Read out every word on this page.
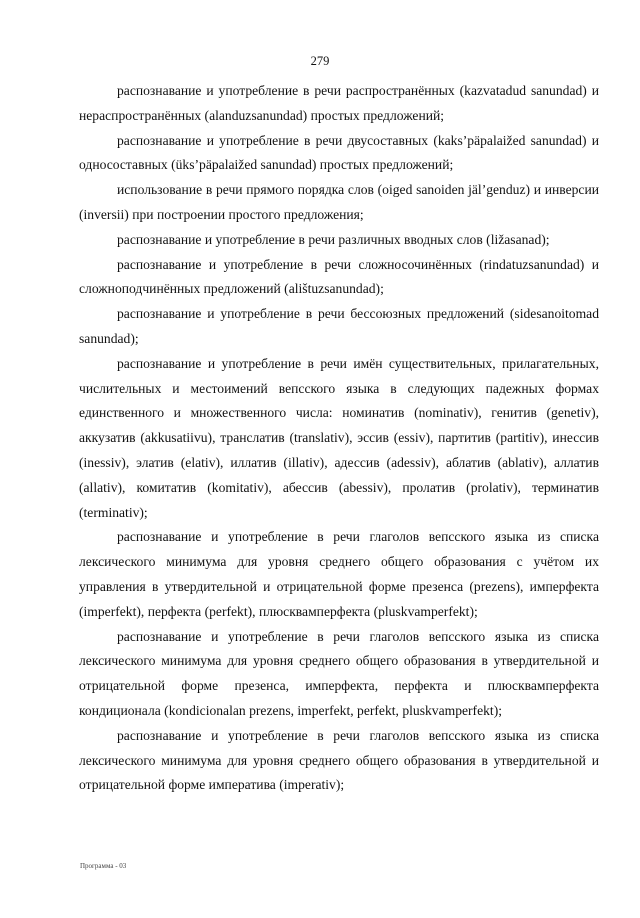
279

распознавание и употребление в речи распространённых (kazvatadud sanundad) и нераспространённых (alanduzsanundad) простых предложений;

распознавание и употребление в речи двусоставных (kaks’päpalaižed sanundad) и односоставных (üks’päpalaižed sanundad) простых предложений;

использование в речи прямого порядка слов (oiged sanoiden jäl’genduz) и инверсии (inversii) при построении простого предложения;

распознавание и употребление в речи различных вводных слов (ližasanad);

распознавание и употребление в речи сложносочинённых (rindatuzsanundad) и сложноподчинённых предложений (alištuzsanundad);

распознавание и употребление в речи бессоюзных предложений (sidesanoitomad sanundad);

распознавание и употребление в речи имён существительных, прилагательных, числительных и местоимений вепсского языка в следующих падежных формах единственного и множественного числа: номинатив (nominativ), генитив (genetiv), аккузатив (akkusatiivu), транслатив (translativ), эссив (essiv), партитив (partitiv), инессив (inessiv), элатив (elativ), иллатив (illativ), адессив (adessiv), аблатив (ablativ), аллатив (allativ), комитатив (komitativ), абессив (abessiv), пролатив (prolativ), терминатив (terminativ);

распознавание и употребление в речи глаголов вепсского языка из списка лексического минимума для уровня среднего общего образования с учётом их управления в утвердительной и отрицательной форме презенса (prezens), имперфекта (imperfekt), перфекта (perfekt), плюсквамперфекта (pluskvamperfekt);

распознавание и употребление в речи глаголов вепсского языка из списка лексического минимума для уровня среднего общего образования в утвердительной и отрицательной форме презенса, имперфекта, перфекта и плюсквамперфекта кондиционала (kondicionalan prezens, imperfekt, perfekt, pluskvamperfekt);

распознавание и употребление в речи глаголов вепсского языка из списка лексического минимума для уровня среднего общего образования в утвердительной и отрицательной форме императива (imperativ);

Программа - 03
